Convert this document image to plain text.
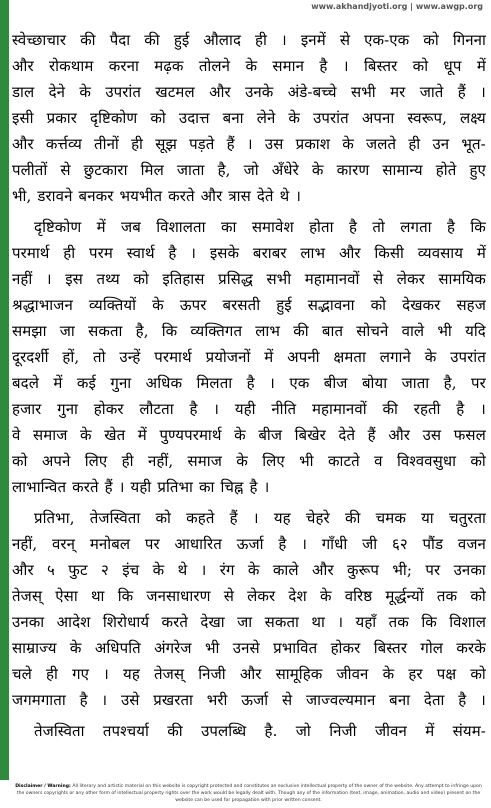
www.akhandjyoti.org | www.awgp.org
स्वेच्छाचार की पैदा की हुई औलाद ही । इनमें से एक-एक को गिनना
और रोकथाम करना मढ़क तोलने के समान है । बिस्तर को धूप में
डाल देने के उपरांत खटमल और उनके अंडे-बच्चे सभी मर जाते हैं ।
इसी प्रकार दृष्टिकोण को उदात्त बना लेने के उपरांत अपना स्वरूप, लक्ष्य
और कर्त्तव्य तीनों ही सूझ पड़ते हैं । उस प्रकाश के जलते ही उन भूत-
पलीतों से छुटकारा मिल जाता है, जो अँधेरे के कारण सामान्य होते हुए
भी, डरावने बनकर भयभीत करते और त्रास देते थे ।
दृष्टिकोण में जब विशालता का समावेश होता है तो लगता है कि
परमार्थ ही परम स्वार्थ है । इसके बराबर लाभ और किसी व्यवसाय में
नहीं । इस तथ्य को इतिहास प्रसिद्ध सभी महामानवों से लेकर सामयिक
श्रद्धाभाजन व्यक्तियों के ऊपर बरसती हुई सद्भावना को देखकर सहज
समझा जा सकता है, कि व्यक्तिगत लाभ की बात सोचने वाले भी यदि
दूरदर्शी हों, तो उन्हें परमार्थ प्रयोजनों में अपनी क्षमता लगाने के उपरांत
बदले में कई गुना अधिक मिलता है । एक बीज बोया जाता है, पर
हजार गुना होकर लौटता है । यही नीति महामानवों की रहती है ।
वे समाज के खेत में पुण्यपरमार्थ के बीज बिखेर देते हैं और उस फसल
को अपने लिए ही नहीं, समाज के लिए भी काटते व विश्ववसुधा को
लाभान्वित करते हैं । यही प्रतिभा का चिह्न है ।
प्रतिभा, तेजस्विता को कहते हैं । यह चेहरे की चमक या चतुरता
नहीं, वरन् मनोबल पर आधारित ऊर्जा है । गाँधी जी ६२ पौंड वजन
और ५ फुट २ इंच के थे । रंग के काले और कुरूप भी; पर उनका
तेजस् ऐसा था कि जनसाधारण से लेकर देश के वरिष्ठ मूर्द्धन्यों तक को
उनका आदेश शिरोधार्य करते देखा जा सकता था । यहाँ तक कि विशाल
साम्राज्य के अधिपति अंगरेज भी उनसे प्रभावित होकर बिस्तर गोल करके
चले ही गए । यह तेजस् निजी और सामूहिक जीवन के हर पक्ष को
जगमगाता है । उसे प्रखरता भरी ऊर्जा से जाज्वल्यमान बना देता है ।
तेजस्विता तपश्चर्या की उपलब्धि है. जो निजी जीवन में संयम-
Disclaimer / Warning: All literary and artistic material on this website is copyright protected and constitutes an exclusive intellectual property of the owner of the website. Any attempt to infringe upon the owners copyrights or any other form of intellectual property rights over the work would be legally dealt with. Though any of the information (text, image, animation, audio and video) present on the website can be used for propagation with prior written consent.
